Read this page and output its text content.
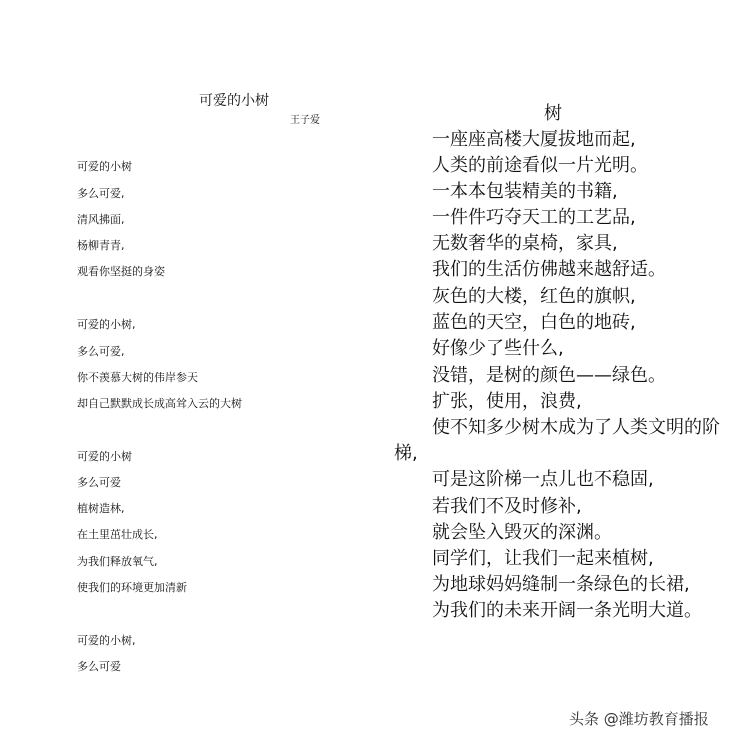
可爱的小树
王子爱
可爱的小树
多么可爱,
清风拂面,
杨柳青青,
观看你坚挺的身姿
可爱的小树,
多么可爱,
你不羡慕大树的伟岸参天
却自己默默成长成高耸入云的大树
可爱的小树
多么可爱
植树造林,
在土里茁壮成长,
为我们释放氧气,
使我们的环境更加清新
可爱的小树,
多么可爱
树
一座座高楼大厦拔地而起,
人类的前途看似一片光明。
一本本包装精美的书籍,
一件件巧夺天工的工艺品,
无数奢华的桌椅，家具,
我们的生活仿佛越来越舒适。
灰色的大楼，红色的旗帜,
蓝色的天空，白色的地砖,
好像少了些什么,
没错，是树的颜色——绿色。
扩张，使用，浪费,
使不知多少树木成为了人类文明的阶
梯,
可是这阶梯一点儿也不稳固,
若我们不及时修补,
就会坠入毁灭的深渊。
同学们，让我们一起来植树,
为地球妈妈缝制一条绿色的长裙,
为我们的未来开阔一条光明大道。
头条 @潍坊教育播报
